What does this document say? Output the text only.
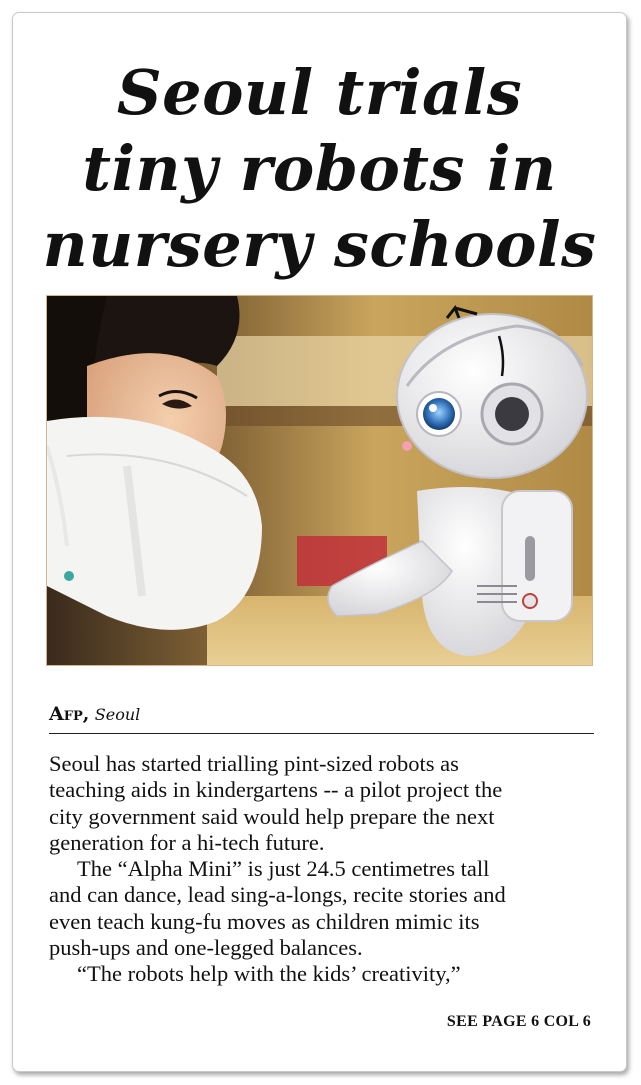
Seoul trials
tiny robots in
nursery schools
Afp, Seoul

Seoul has started trialling pint-sized robots as
teaching aids in kindergartens -- a pilot project the
city government said would help prepare the next
generation for a hi-tech future.

The “Alpha Mini” is just 24.5 centimetres tall
and can dance, lead sing-a-longs, recite stories and
even teach kung-fu moves as children mimic its
push-ups and one-legged balances.

“The robots help with the kids’ creativity,”

SEE PAGE 6 COL 6
